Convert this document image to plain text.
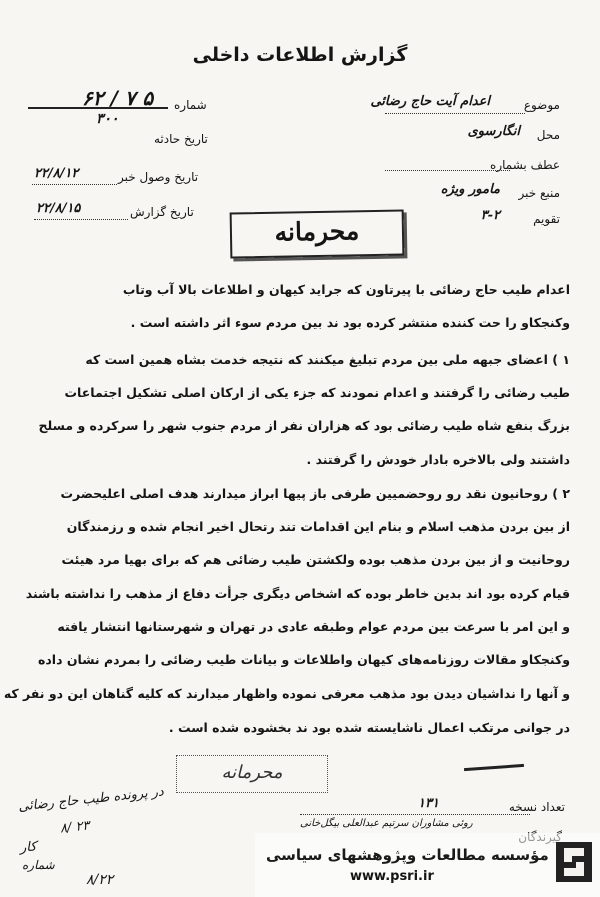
گزارش اطلاعات داخلی
موضوع
اعدام آیت حاج رضائی
محل
انگارسوی
عطف بشماره
منبع خبر
مامور ویژه
تقویم
۳-۲
شماره
۶۲ / ۷ ۵
۳۰۰
تاریخ حادثه
تاریخ وصول خبر
۲۲/۸/۱۲
تاریخ گزارش
۲۲/۸/۱۵
محرمانه
اعدام طیب حاج رضائی با پیرتاون که جراید کیهان و اطلاعات بالا آب وتاب
وکنجکاو را حت کننده منتشر کرده بود ند بین مردم سوء اثر داشته است .
۱ ) اعضای جبهه ملی بین مردم تبلیغ میکنند که نتیجه خدمت بشاه همین است که
طیب رضائی را گرفتند و اعدام نمودند که جزء یکی از ارکان اصلی تشکیل اجتماعات
بزرگ بنفع شاه طیب رضائی بود که هزاران نفر از مردم جنوب شهر را سرکرده و مسلح
داشتند ولی بالاخره بادار خودش را گرفتند .
۲ ) روحانیون نقد رو روحضمیین طرفی باز پیها ابراز میدارند هدف اصلی اعلیحضرت
از بین بردن مذهب اسلام و بنام این اقدامات تند رتحال اخیر انجام شده و رزمندگان
روحانیت و از بین بردن مذهب بوده ولکشتن طیب رضائی هم که برای بهیا مرد هیئت
قیام کرده بود اند بدین خاطر بوده که اشخاص دیگری جرأت دفاع از مذهب را نداشته باشند
و این امر با سرعت بین مردم عوام وطبقه عادی در تهران و شهرستانها انتشار یافته
وکنجکاو مقالات روزنامه‌های کیهان واطلاعات و بیانات طیب رضائی را بمردم نشان داده
و آنها را نداشیان دیدن بود مذهب معرفی نموده واظهار میدارند که کلیه گناهان این دو نفر که
در جوانی مرتکب اعمال ناشایسته شده بود ند بخشوده شده است .
محرمانه
تعداد نسخه
۱۳۱
روئی مشاوران سرتیم عبدالعلی بیگل‌خانی
در پرونده طیب حاج رضائی
۸/ ۲۳
کار
شماره
۸/۲۲
مؤسسه مطالعات وپژوهشهای سیاسی
www.psri.ir
